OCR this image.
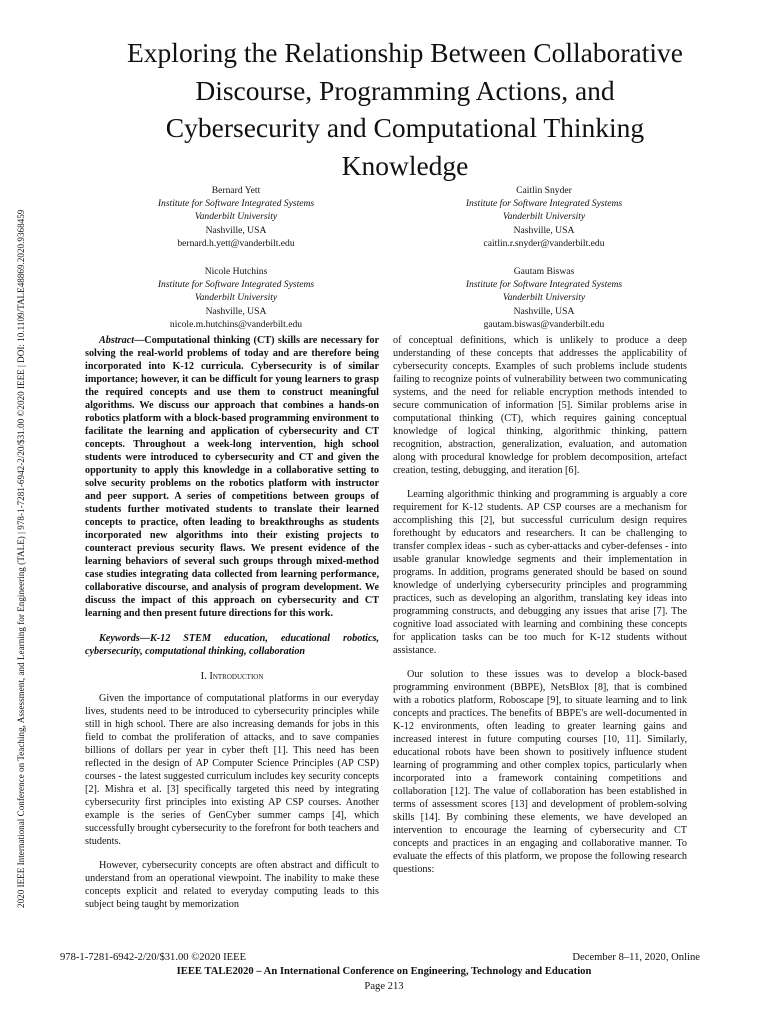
2020 IEEE International Conference on Teaching, Assessment, and Learning for Engineering (TALE) | 978-1-7281-6942-2/20/$31.00 ©2020 IEEE | DOI: 10.1109/TALE48869.2020.9368459
Exploring the Relationship Between Collaborative
Discourse, Programming Actions, and
Cybersecurity and Computational Thinking
Knowledge
Bernard Yett
Institute for Software Integrated Systems
Vanderbilt University
Nashville, USA
bernard.h.yett@vanderbilt.edu
Caitlin Snyder
Institute for Software Integrated Systems
Vanderbilt University
Nashville, USA
caitlin.r.snyder@vanderbilt.edu
Nicole Hutchins
Institute for Software Integrated Systems
Vanderbilt University
Nashville, USA
nicole.m.hutchins@vanderbilt.edu
Gautam Biswas
Institute for Software Integrated Systems
Vanderbilt University
Nashville, USA
gautam.biswas@vanderbilt.edu

Abstract—Computational thinking (CT) skills are necessary for solving the real-world problems of today and are therefore being incorporated into K-12 curricula. Cybersecurity is of similar importance; however, it can be difficult for young learners to grasp the required concepts and use them to construct meaningful algorithms. We discuss our approach that combines a hands-on robotics platform with a block-based programming environment to facilitate the learning and application of cybersecurity and CT concepts. Throughout a week-long intervention, high school students were introduced to cybersecurity and CT and given the opportunity to apply this knowledge in a collaborative setting to solve security problems on the robotics platform with instructor and peer support. A series of competitions between groups of students further motivated students to translate their learned concepts to practice, often leading to breakthroughs as students incorporated new algorithms into their existing projects to counteract previous security flaws. We present evidence of the learning behaviors of several such groups through mixed-method case studies integrating data collected from learning performance, collaborative discourse, and analysis of program development. We discuss the impact of this approach on cybersecurity and CT learning and then present future directions for this work.

Keywords—K-12 STEM education, educational robotics, cybersecurity, computational thinking, collaboration

I. Introduction

Given the importance of computational platforms in our everyday lives, students need to be introduced to cybersecurity principles while still in high school. There are also increasing demands for jobs in this field to combat the proliferation of attacks, and to save companies billions of dollars per year in cyber theft [1]. This need has been reflected in the design of AP Computer Science Principles (AP CSP) courses - the latest suggested curriculum includes key security concepts [2]. Mishra et al. [3] specifically targeted this need by integrating cybersecurity first principles into existing AP CSP courses. Another example is the series of GenCyber summer camps [4], which successfully brought cybersecurity to the forefront for both teachers and students.

However, cybersecurity concepts are often abstract and difficult to understand from an operational viewpoint. The inability to make these concepts explicit and related to everyday computing leads to this subject being taught by memorization

of conceptual definitions, which is unlikely to produce a deep understanding of these concepts that addresses the applicability of cybersecurity concepts. Examples of such problems include students failing to recognize points of vulnerability between two communicating systems, and the need for reliable encryption methods intended to secure communication of information [5]. Similar problems arise in computational thinking (CT), which requires gaining conceptual knowledge of logical thinking, algorithmic thinking, pattern recognition, abstraction, generalization, evaluation, and automation along with procedural knowledge for problem decomposition, artefact creation, testing, debugging, and iteration [6].

Learning algorithmic thinking and programming is arguably a core requirement for K-12 students. AP CSP courses are a mechanism for accomplishing this [2], but successful curriculum design requires forethought by educators and researchers. It can be challenging to transfer complex ideas - such as cyber-attacks and cyber-defenses - into usable granular knowledge segments and their implementation in programs. In addition, programs generated should be based on sound knowledge of underlying cybersecurity principles and programming practices, such as developing an algorithm, translating key ideas into programming constructs, and debugging any issues that arise [7]. The cognitive load associated with learning and combining these concepts for application tasks can be too much for K-12 students without assistance.

Our solution to these issues was to develop a block-based programming environment (BBPE), NetsBlox [8], that is combined with a robotics platform, Roboscape [9], to situate learning and to link concepts and practices. The benefits of BBPE's are well-documented in K-12 environments, often leading to greater learning gains and increased interest in future computing courses [10, 11]. Similarly, educational robots have been shown to positively influence student learning of programming and other complex topics, particularly when incorporated into a framework containing competitions and collaboration [12]. The value of collaboration has been established in terms of assessment scores [13] and development of problem-solving skills [14]. By combining these elements, we have developed an intervention to encourage the learning of cybersecurity and CT concepts and practices in an engaging and collaborative manner. To evaluate the effects of this platform, we propose the following research questions:

978-1-7281-6942-2/20/$31.00 ©2020 IEEE	December 8–11, 2020, Online
IEEE TALE2020 – An International Conference on Engineering, Technology and Education
Page 213
